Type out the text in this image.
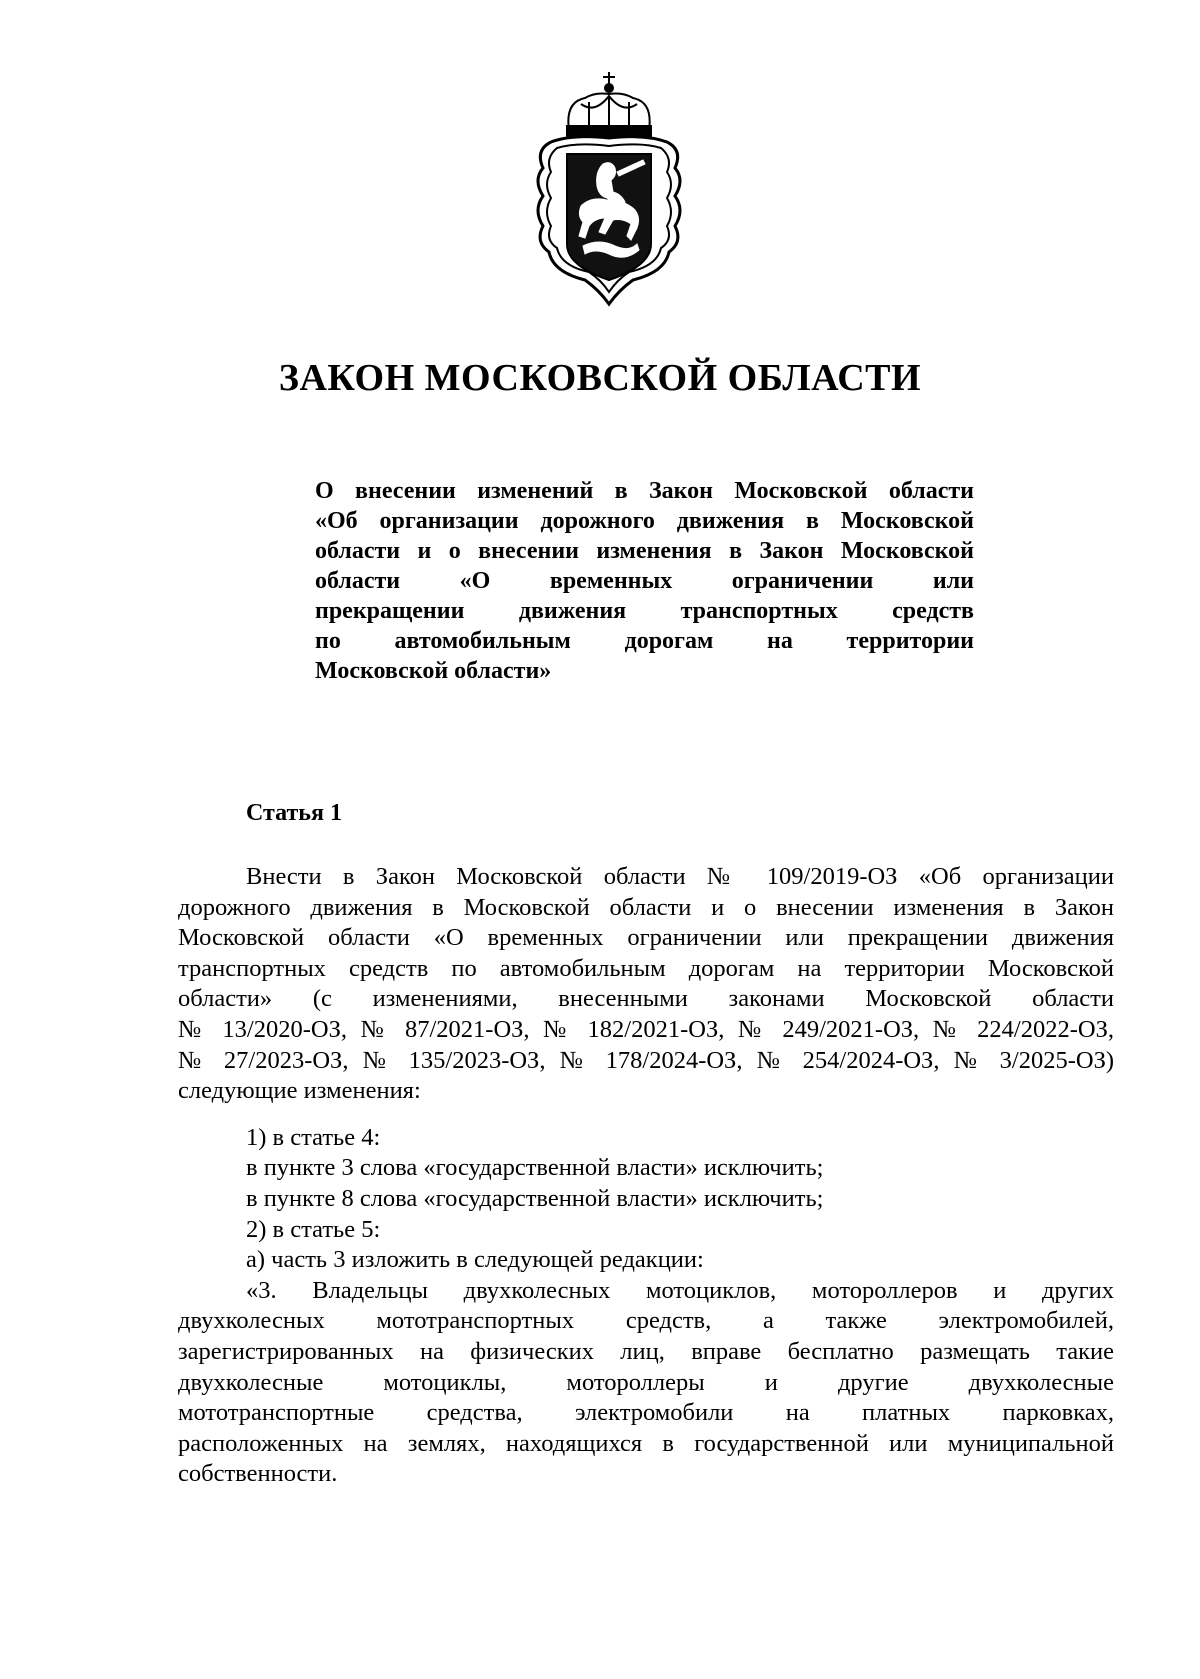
ЗАКОН МОСКОВСКОЙ ОБЛАСТИ
О внесении изменений в Закон Московской области
«Об организации дорожного движения в Московской
области и о внесении изменения в Закон Московской
области «О временных ограничении или
прекращении движения транспортных средств
по автомобильным дорогам на территории
Московской области»
Статья 1

Внести в Закон Московской области № 109/2019-ОЗ «Об организации
дорожного движения в Московской области и о внесении изменения в Закон
Московской области «О временных ограничении или прекращении движения
транспортных средств по автомобильным дорогам на территории Московской
области» (с изменениями, внесенными законами Московской области
№ 13/2020-ОЗ, № 87/2021-ОЗ, № 182/2021-ОЗ, № 249/2021-ОЗ, № 224/2022-ОЗ,
№ 27/2023-ОЗ, № 135/2023-ОЗ, № 178/2024-ОЗ, № 254/2024-ОЗ, № 3/2025-ОЗ)
следующие изменения:

1) в статье 4:

в пункте 3 слова «государственной власти» исключить;

в пункте 8 слова «государственной власти» исключить;

2) в статье 5:

а) часть 3 изложить в следующей редакции:

«3. Владельцы двухколесных мотоциклов, мотороллеров и других
двухколесных мототранспортных средств, а также электромобилей,
зарегистрированных на физических лиц, вправе бесплатно размещать такие
двухколесные мотоциклы, мотороллеры и другие двухколесные
мототранспортные средства, электромобили на платных парковках,
расположенных на землях, находящихся в государственной или муниципальной
собственности.
